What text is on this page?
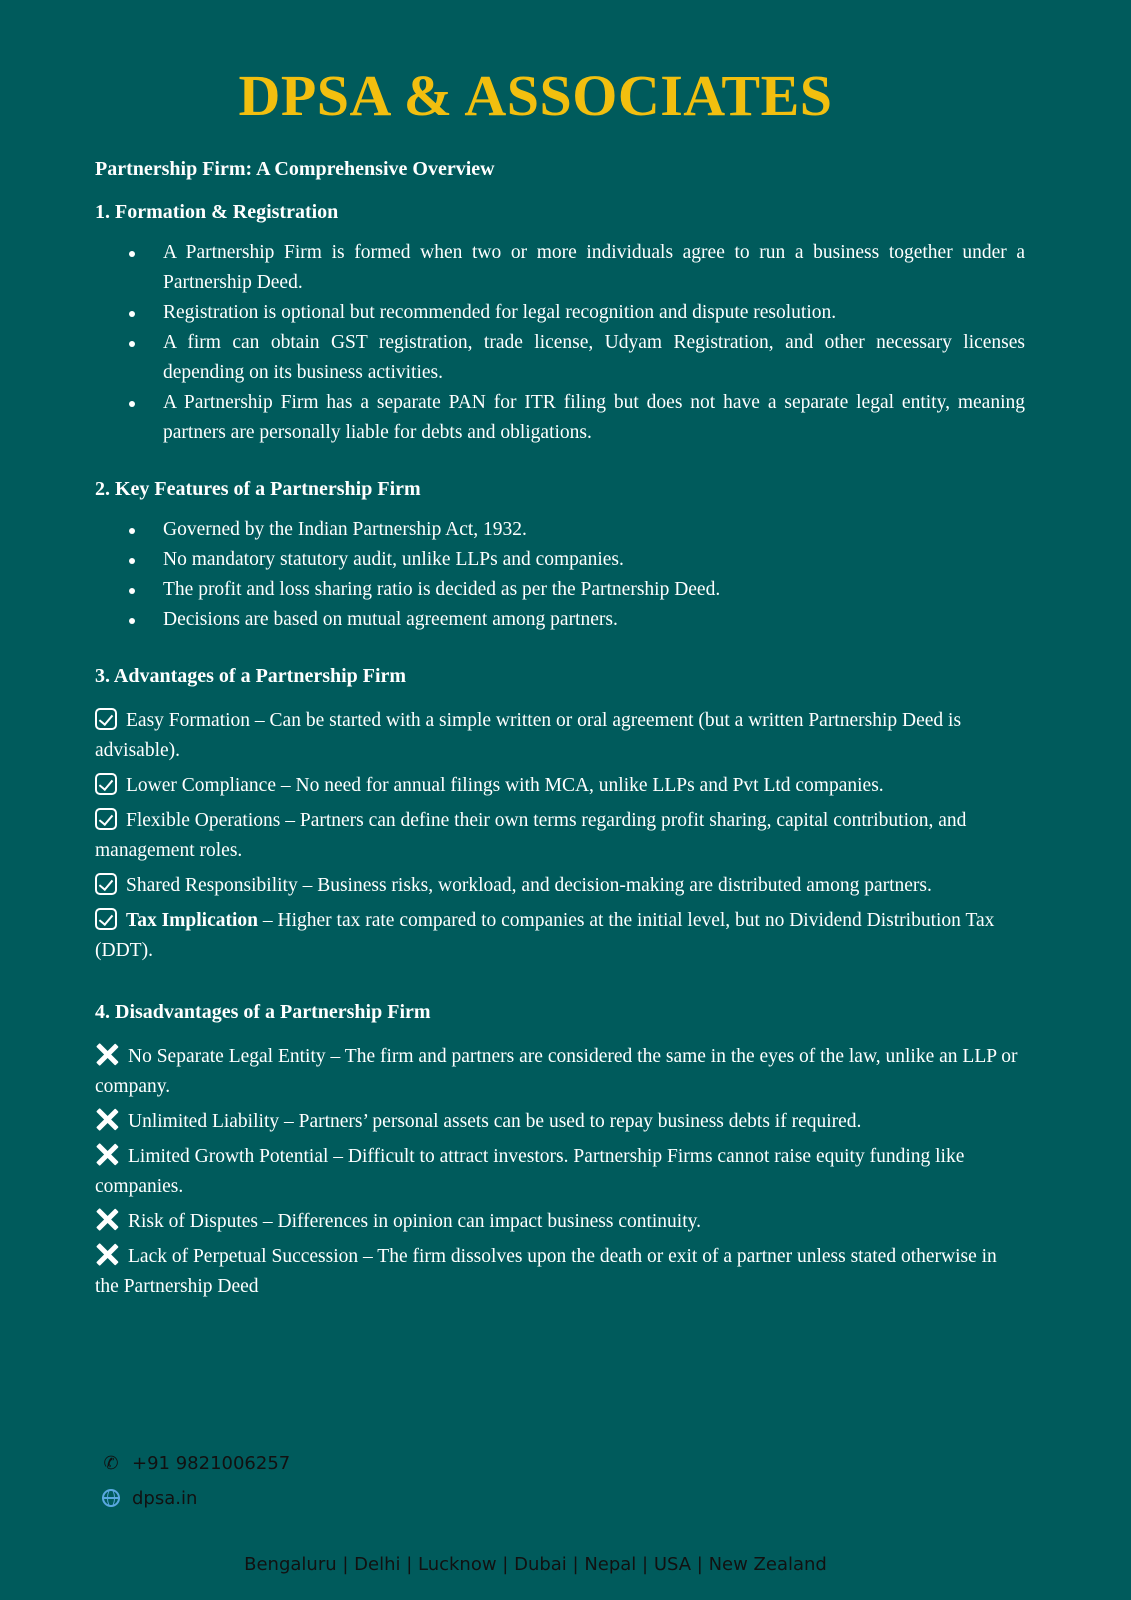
DPSA & ASSOCIATES
Partnership Firm: A Comprehensive Overview
1. Formation & Registration
A Partnership Firm is formed when two or more individuals agree to run a business together under a Partnership Deed.
Registration is optional but recommended for legal recognition and dispute resolution.
A firm can obtain GST registration, trade license, Udyam Registration, and other necessary licenses depending on its business activities.
A Partnership Firm has a separate PAN for ITR filing but does not have a separate legal entity, meaning partners are personally liable for debts and obligations.
2. Key Features of a Partnership Firm
Governed by the Indian Partnership Act, 1932.
No mandatory statutory audit, unlike LLPs and companies.
The profit and loss sharing ratio is decided as per the Partnership Deed.
Decisions are based on mutual agreement among partners.
3. Advantages of a Partnership Firm
Easy Formation – Can be started with a simple written or oral agreement (but a written Partnership Deed is advisable).
Lower Compliance – No need for annual filings with MCA, unlike LLPs and Pvt Ltd companies.
Flexible Operations – Partners can define their own terms regarding profit sharing, capital contribution, and management roles.
Shared Responsibility – Business risks, workload, and decision-making are distributed among partners.
Tax Implication – Higher tax rate compared to companies at the initial level, but no Dividend Distribution Tax (DDT).
4. Disadvantages of a Partnership Firm
No Separate Legal Entity – The firm and partners are considered the same in the eyes of the law, unlike an LLP or company.
Unlimited Liability – Partners’ personal assets can be used to repay business debts if required.
Limited Growth Potential – Difficult to attract investors. Partnership Firms cannot raise equity funding like companies.
Risk of Disputes – Differences in opinion can impact business continuity.
Lack of Perpetual Succession – The firm dissolves upon the death or exit of a partner unless stated otherwise in the Partnership Deed
✆ +91 9821006257
dpsa.in
Bengaluru | Delhi | Lucknow | Dubai | Nepal | USA | New Zealand
